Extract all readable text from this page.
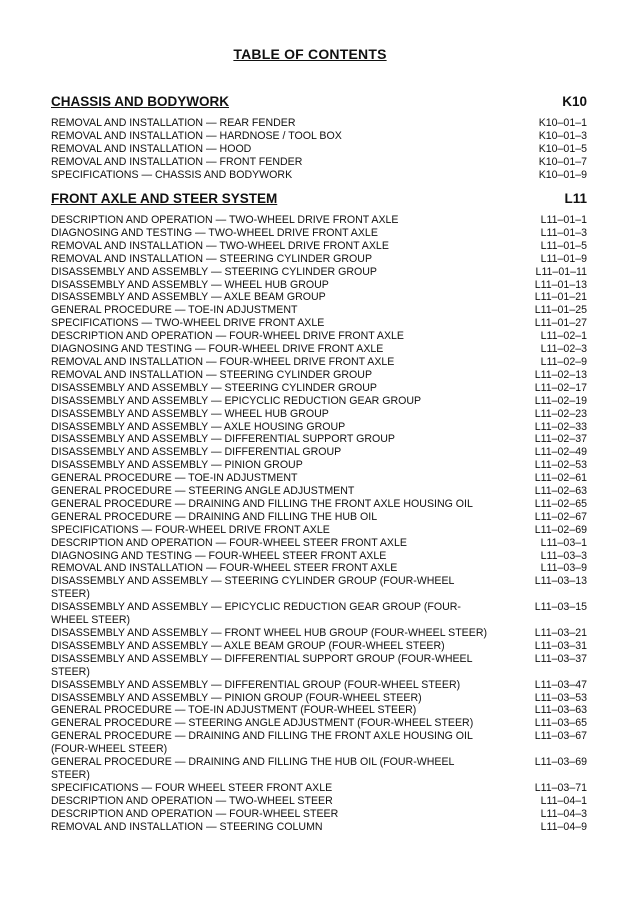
TABLE OF CONTENTS
CHASSIS AND BODYWORK	K10
REMOVAL AND INSTALLATION — REAR FENDER	K10–01–1
REMOVAL AND INSTALLATION — HARDNOSE / TOOL BOX	K10–01–3
REMOVAL AND INSTALLATION — HOOD	K10–01–5
REMOVAL AND INSTALLATION — FRONT FENDER	K10–01–7
SPECIFICATIONS — CHASSIS AND BODYWORK	K10–01–9
FRONT AXLE AND STEER SYSTEM	L11
DESCRIPTION AND OPERATION — TWO-WHEEL DRIVE FRONT AXLE	L11–01–1
DIAGNOSING AND TESTING — TWO-WHEEL DRIVE FRONT AXLE	L11–01–3
REMOVAL AND INSTALLATION — TWO-WHEEL DRIVE FRONT AXLE	L11–01–5
REMOVAL AND INSTALLATION — STEERING CYLINDER GROUP	L11–01–9
DISASSEMBLY AND ASSEMBLY — STEERING CYLINDER GROUP	L11–01–11
DISASSEMBLY AND ASSEMBLY — WHEEL HUB GROUP	L11–01–13
DISASSEMBLY AND ASSEMBLY — AXLE BEAM GROUP	L11–01–21
GENERAL PROCEDURE — TOE-IN ADJUSTMENT	L11–01–25
SPECIFICATIONS — TWO-WHEEL DRIVE FRONT AXLE	L11–01–27
DESCRIPTION AND OPERATION — FOUR-WHEEL DRIVE FRONT AXLE	L11–02–1
DIAGNOSING AND TESTING — FOUR-WHEEL DRIVE FRONT AXLE	L11–02–3
REMOVAL AND INSTALLATION — FOUR-WHEEL DRIVE FRONT AXLE	L11–02–9
REMOVAL AND INSTALLATION — STEERING CYLINDER GROUP	L11–02–13
DISASSEMBLY AND ASSEMBLY — STEERING CYLINDER GROUP	L11–02–17
DISASSEMBLY AND ASSEMBLY — EPICYCLIC REDUCTION GEAR GROUP	L11–02–19
DISASSEMBLY AND ASSEMBLY — WHEEL HUB GROUP	L11–02–23
DISASSEMBLY AND ASSEMBLY — AXLE HOUSING GROUP	L11–02–33
DISASSEMBLY AND ASSEMBLY — DIFFERENTIAL SUPPORT GROUP	L11–02–37
DISASSEMBLY AND ASSEMBLY — DIFFERENTIAL GROUP	L11–02–49
DISASSEMBLY AND ASSEMBLY — PINION GROUP	L11–02–53
GENERAL PROCEDURE — TOE-IN ADJUSTMENT	L11–02–61
GENERAL PROCEDURE — STEERING ANGLE ADJUSTMENT	L11–02–63
GENERAL PROCEDURE — DRAINING AND FILLING THE FRONT AXLE HOUSING OIL	L11–02–65
GENERAL PROCEDURE — DRAINING AND FILLING THE HUB OIL	L11–02–67
SPECIFICATIONS — FOUR-WHEEL DRIVE FRONT AXLE	L11–02–69
DESCRIPTION AND OPERATION — FOUR-WHEEL STEER FRONT AXLE	L11–03–1
DIAGNOSING AND TESTING — FOUR-WHEEL STEER FRONT AXLE	L11–03–3
REMOVAL AND INSTALLATION — FOUR-WHEEL STEER FRONT AXLE	L11–03–9
DISASSEMBLY AND ASSEMBLY — STEERING CYLINDER GROUP (FOUR-WHEEL STEER)
L11–03–13
DISASSEMBLY AND ASSEMBLY — EPICYCLIC REDUCTION GEAR GROUP (FOUR-WHEEL STEER)
L11–03–15
DISASSEMBLY AND ASSEMBLY — FRONT WHEEL HUB GROUP (FOUR-WHEEL STEER)	L11–03–21
DISASSEMBLY AND ASSEMBLY — AXLE BEAM GROUP (FOUR-WHEEL STEER)	L11–03–31
DISASSEMBLY AND ASSEMBLY — DIFFERENTIAL SUPPORT GROUP (FOUR-WHEEL STEER)
L11–03–37
DISASSEMBLY AND ASSEMBLY — DIFFERENTIAL GROUP (FOUR-WHEEL STEER)	L11–03–47
DISASSEMBLY AND ASSEMBLY — PINION GROUP (FOUR-WHEEL STEER)	L11–03–53
GENERAL PROCEDURE — TOE-IN ADJUSTMENT (FOUR-WHEEL STEER)	L11–03–63
GENERAL PROCEDURE — STEERING ANGLE ADJUSTMENT (FOUR-WHEEL STEER)	L11–03–65
GENERAL PROCEDURE — DRAINING AND FILLING THE FRONT AXLE HOUSING OIL (FOUR-WHEEL STEER)
L11–03–67
GENERAL PROCEDURE — DRAINING AND FILLING THE HUB OIL (FOUR-WHEEL STEER)
L11–03–69
SPECIFICATIONS — FOUR WHEEL STEER FRONT AXLE	L11–03–71
DESCRIPTION AND OPERATION — TWO-WHEEL STEER	L11–04–1
DESCRIPTION AND OPERATION — FOUR-WHEEL STEER	L11–04–3
REMOVAL AND INSTALLATION — STEERING COLUMN	L11–04–9
